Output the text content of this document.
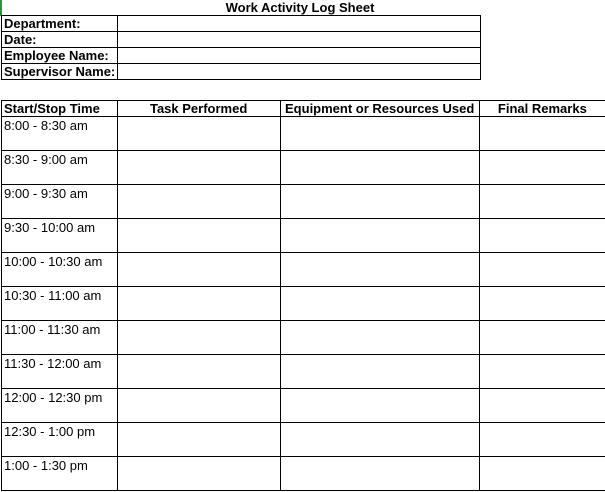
Work Activity Log Sheet
Department:	
Date:	
Employee Name:	
Supervisor Name:	
Start/Stop Time	Task Performed	Equipment or Resources Used	Final Remarks
8:00 - 8:30 am			
8:30 - 9:00 am			
9:00 - 9:30 am			
9:30 - 10:00 am			
10:00 - 10:30 am			
10:30 - 11:00 am			
11:00 - 11:30 am			
11:30 - 12:00 am			
12:00 - 12:30 pm			
12:30 - 1:00 pm			
1:00 - 1:30 pm			
